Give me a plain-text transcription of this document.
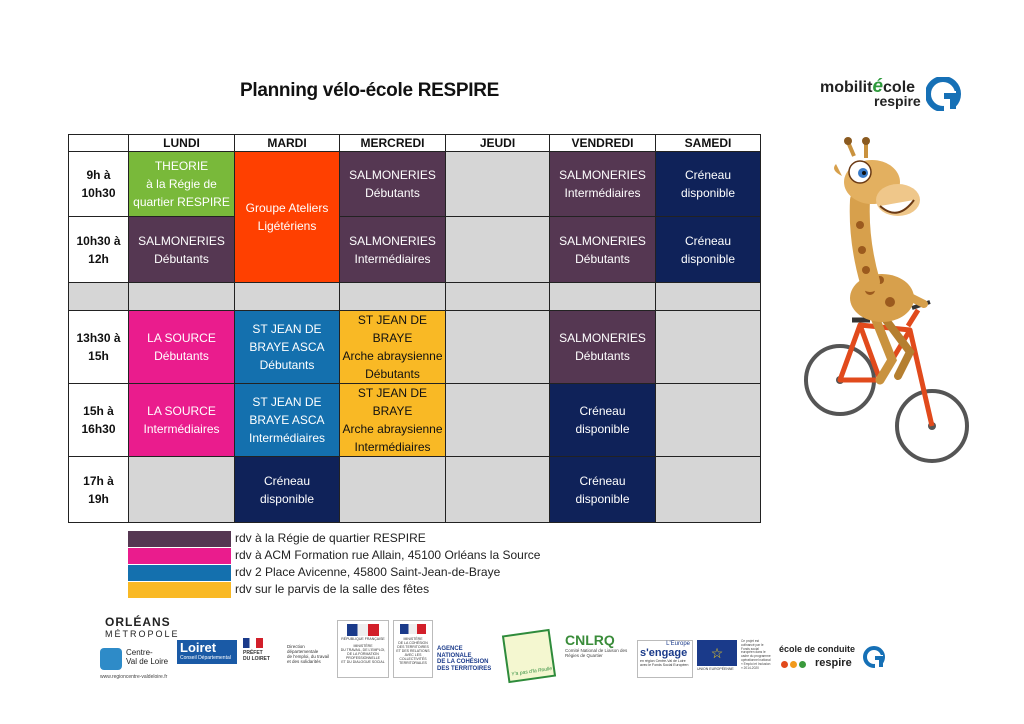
Planning vélo-école RESPIRE	mobilitécole
respire
	LUNDI	MARDI	MERCREDI	JEUDI	VENDREDI	SAMEDI

9h à
10h30	THEORIE
à la Régie de
quartier RESPIRE	Groupe Ateliers
Ligétériens	SALMONERIES
Débutants		SALMONERIES
Intermédiaires	Créneau
disponible

10h30 à
12h	SALMONERIES
Débutants		SALMONERIES
Intermédiaires		SALMONERIES
Débutants	Créneau
disponible

13h30 à
15h	LA SOURCE
Débutants	ST JEAN DE
BRAYE ASCA
Débutants	ST JEAN DE BRAYE
Arche abraysienne
Débutants		SALMONERIES
Débutants	

15h à
16h30	LA SOURCE
Intermédiaires	ST JEAN DE
BRAYE ASCA
Intermédiaires	ST JEAN DE BRAYE
Arche abraysienne
Intermédiaires		Créneau
disponible	

17h à
19h		Créneau
disponible			Créneau
disponible	

rdv à la Régie de quartier RESPIRE
rdv à ACM Formation rue Allain, 45100 Orléans la Source
rdv 2 Place Avicenne, 45800 Saint-Jean-de-Braye
rdv sur le parvis de la salle des fêtes
ORLÉANS
MÉTROPOLE
Centre-
Val de Loire
www.regioncentre-valdeloire.fr
Loiret
Conseil Départemental
PRÉFET
DU LOIRET
Direction départementale
de l'emploi, du travail
et des solidarités
RÉPUBLIQUE FRANÇAISE
MINISTÈRE
DU TRAVAIL, DE L'EMPLOI,
DE LA FORMATION
PROFESSIONNELLE
ET DU DIALOGUE SOCIAL
MINISTÈRE
DE LA COHÉSION
DES TERRITOIRES
ET DES RELATIONS
AVEC LES
COLLECTIVITÉS
TERRITORIALES
AGENCE
NATIONALE
DE LA COHÉSION
DES TERRITOIRES	Y'a pas d'la Roulle
CNLRQ
Comité National de Liaison des
Régies de Quartier
L'Europe
s'engage
en région Centre-Val de Loire
avec le Fonds Social Européen
☆
UNION EUROPÉENNE
Ce projet est cofinancé par le Fonds social européen dans le cadre du programme opérationnel national « Emploi et Inclusion » 2014-2020
école de conduite
respire
